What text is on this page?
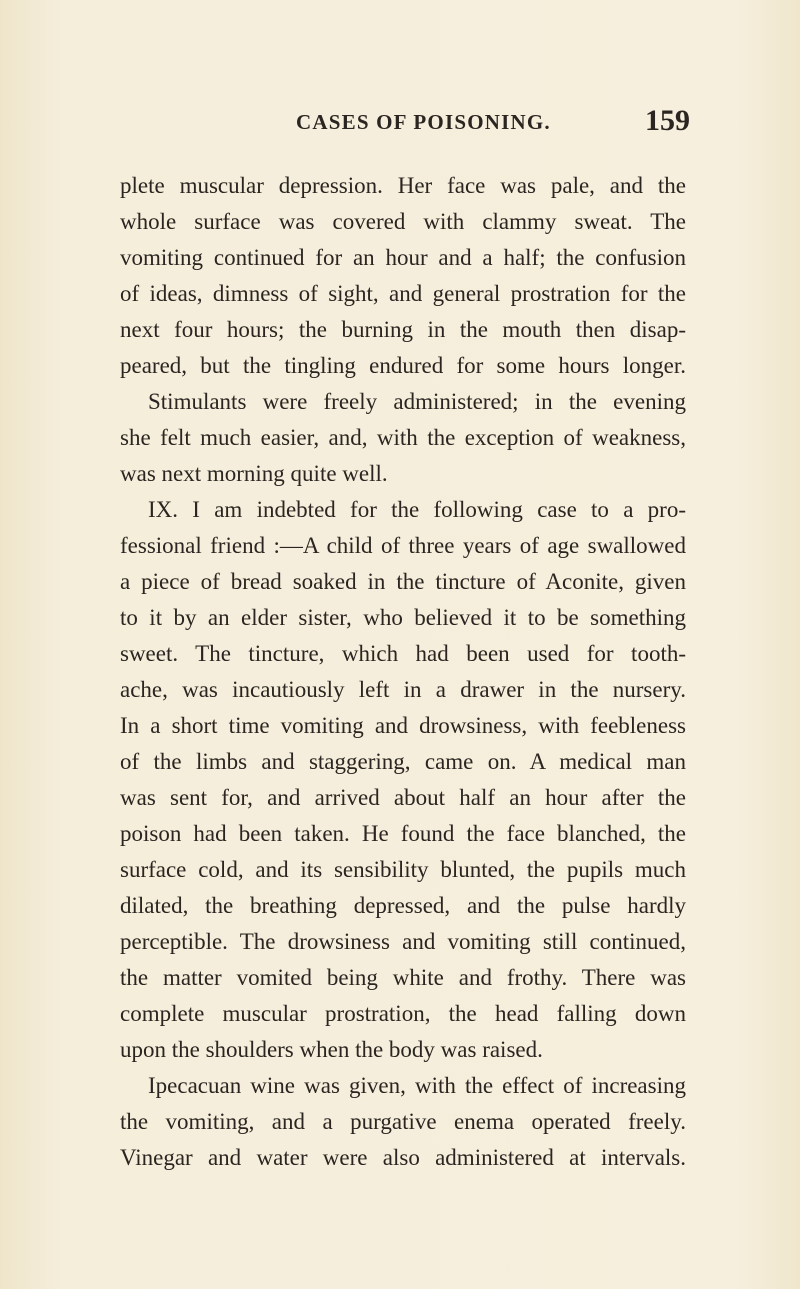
CASES OF POISONING.	159
plete muscular depression. Her face was pale, and the
whole surface was covered with clammy sweat. The
vomiting continued for an hour and a half; the confusion
of ideas, dimness of sight, and general prostration for the
next four hours; the burning in the mouth then disap-
peared, but the tingling endured for some hours longer.
Stimulants were freely administered; in the evening
she felt much easier, and, with the exception of weakness,
was next morning quite well.
IX. I am indebted for the following case to a pro-
fessional friend :—A child of three years of age swallowed
a piece of bread soaked in the tincture of Aconite, given
to it by an elder sister, who believed it to be something
sweet. The tincture, which had been used for tooth-
ache, was incautiously left in a drawer in the nursery.
In a short time vomiting and drowsiness, with feebleness
of the limbs and staggering, came on. A medical man
was sent for, and arrived about half an hour after the
poison had been taken. He found the face blanched, the
surface cold, and its sensibility blunted, the pupils much
dilated, the breathing depressed, and the pulse hardly
perceptible. The drowsiness and vomiting still continued,
the matter vomited being white and frothy. There was
complete muscular prostration, the head falling down
upon the shoulders when the body was raised.
Ipecacuan wine was given, with the effect of increasing
the vomiting, and a purgative enema operated freely.
Vinegar and water were also administered at intervals.
